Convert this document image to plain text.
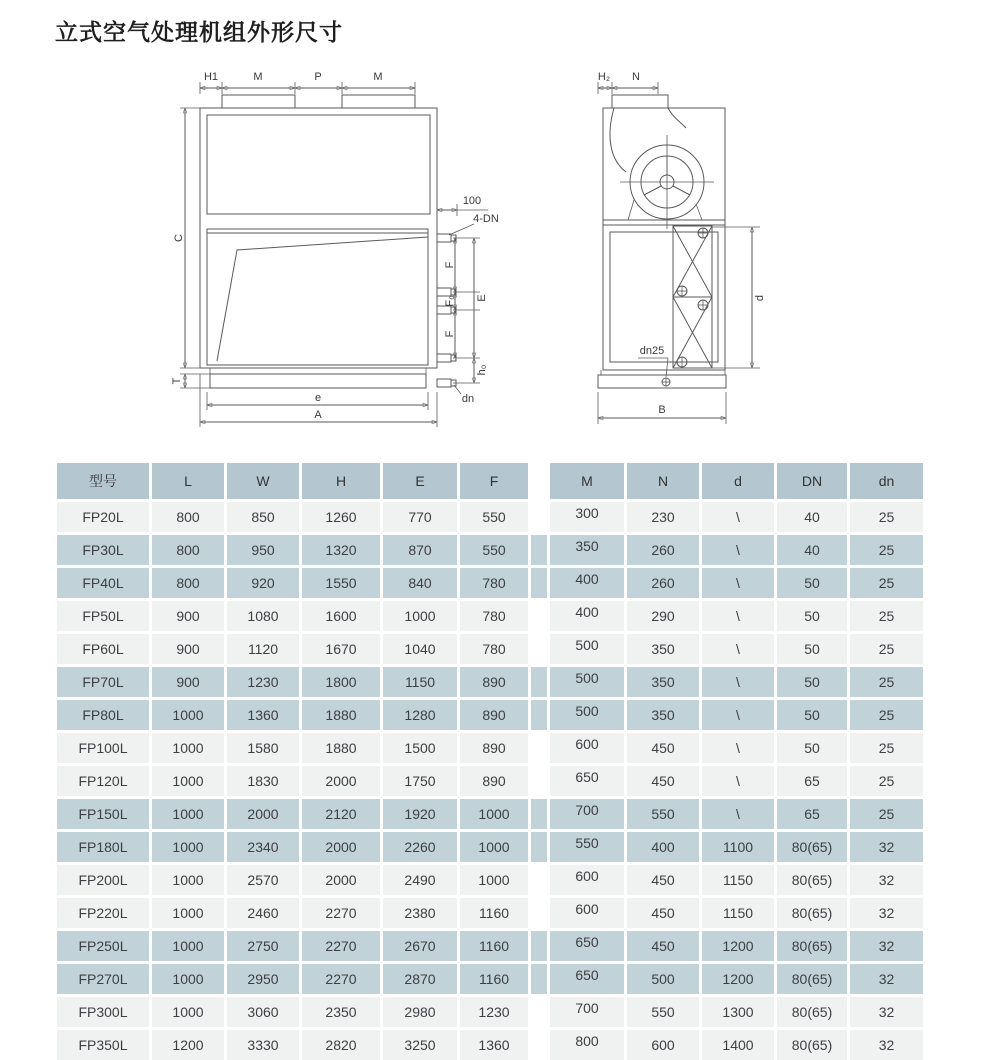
立式空气处理机组外形尺寸
H1	M	P	M
C
T
100
4-DN
F
F₀
F
E
h₀
dn
e
A
H₂ N
d
dn25
B
型号	L	W	H	E	F		M	N	d	DN	dn
FP20L	800	850	1260	770	550		300	230	\	40	25
FP30L	800	950	1320	870	550		350	260	\	40	25
FP40L	800	920	1550	840	780		400	260	\	50	25
FP50L	900	1080	1600	1000	780		400	290	\	50	25
FP60L	900	1120	1670	1040	780		500	350	\	50	25
FP70L	900	1230	1800	1150	890		500	350	\	50	25
FP80L	1000	1360	1880	1280	890		500	350	\	50	25
FP100L	1000	1580	1880	1500	890		600	450	\	50	25
FP120L	1000	1830	2000	1750	890		650	450	\	65	25
FP150L	1000	2000	2120	1920	1000		700	550	\	65	25
FP180L	1000	2340	2000	2260	1000		550	400	1100	80(65)	32
FP200L	1000	2570	2000	2490	1000		600	450	1150	80(65)	32
FP220L	1000	2460	2270	2380	1160		600	450	1150	80(65)	32
FP250L	1000	2750	2270	2670	1160		650	450	1200	80(65)	32
FP270L	1000	2950	2270	2870	1160		650	500	1200	80(65)	32
FP300L	1000	3060	2350	2980	1230		700	550	1300	80(65)	32
FP350L	1200	3330	2820	3250	1360		800	600	1400	80(65)	32
